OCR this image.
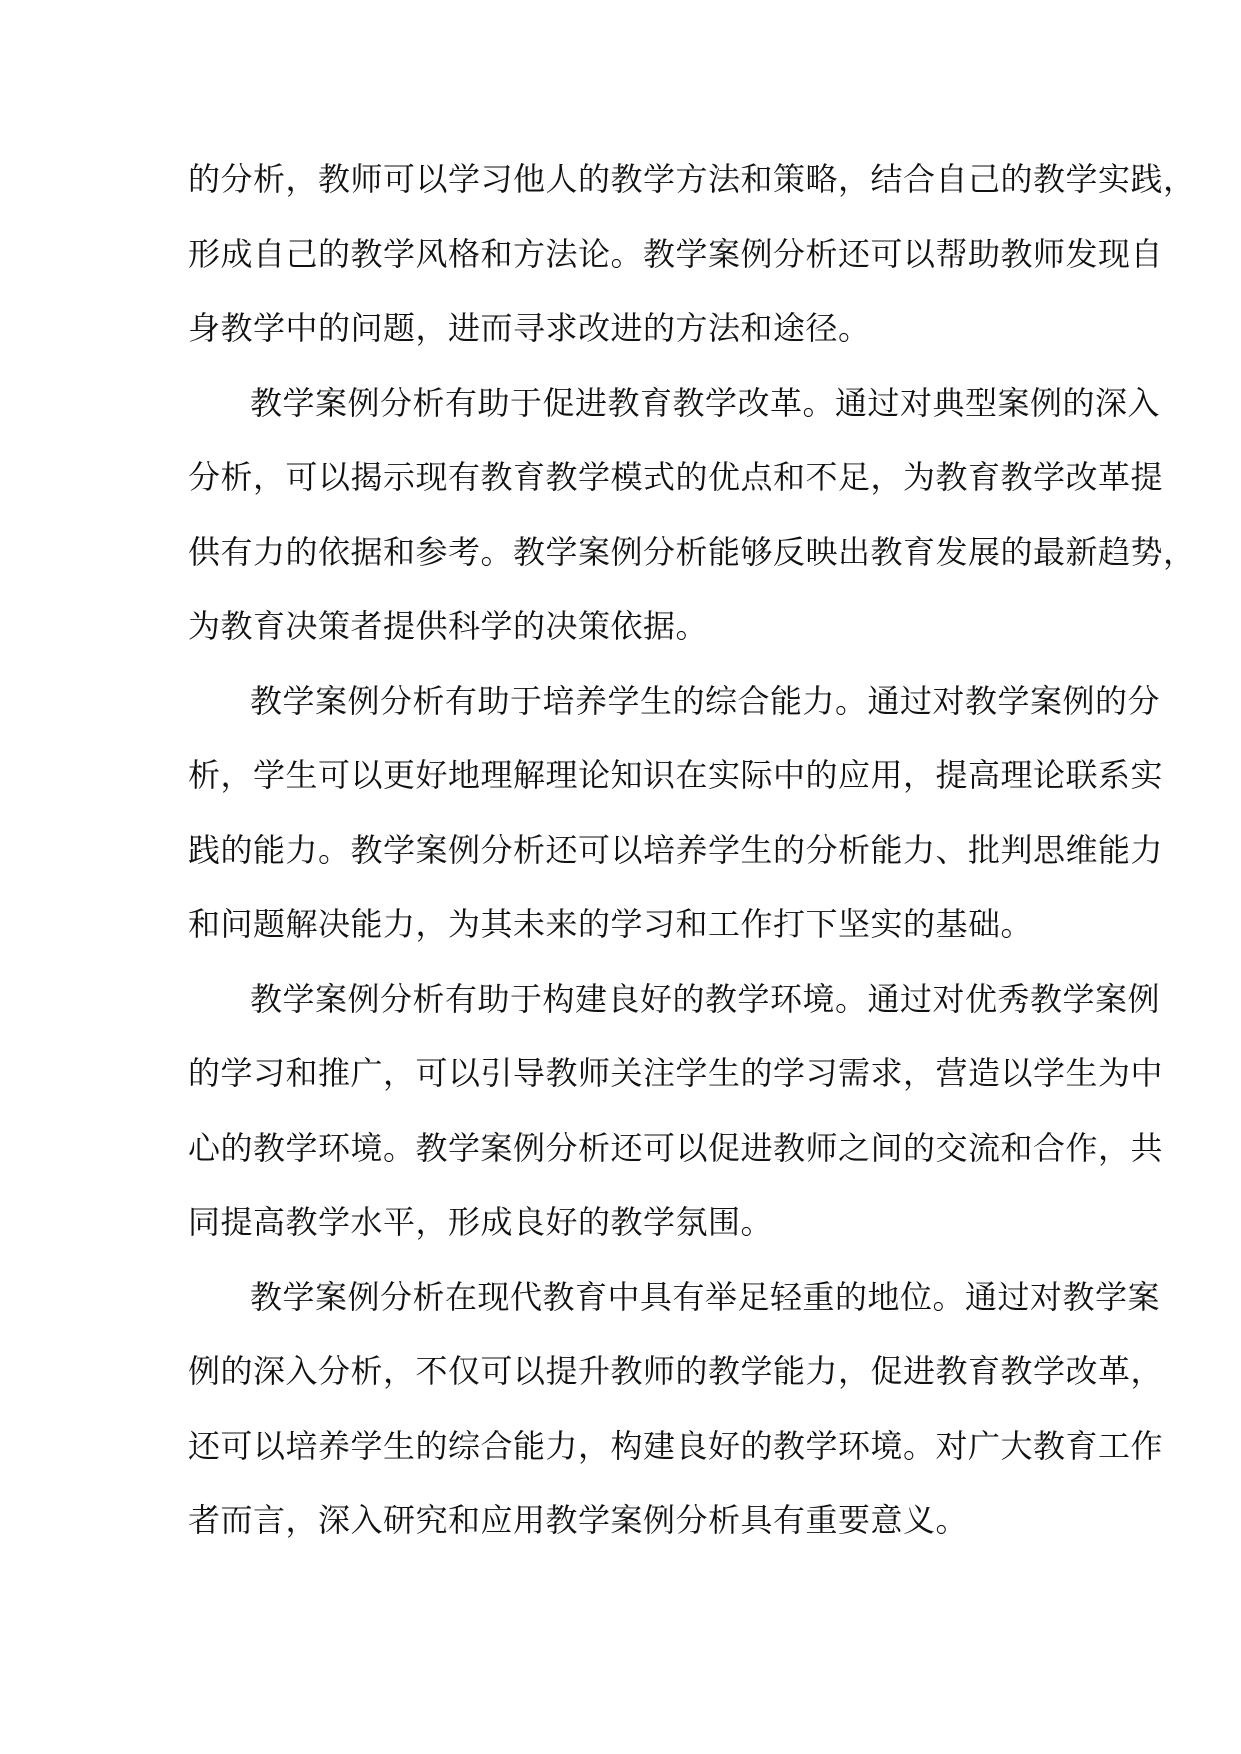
的分析，教师可以学习他人的教学方法和策略，结合自己的教学实践，
形成自己的教学风格和方法论。教学案例分析还可以帮助教师发现自
身教学中的问题，进而寻求改进的方法和途径。
教学案例分析有助于促进教育教学改革。通过对典型案例的深入
分析，可以揭示现有教育教学模式的优点和不足，为教育教学改革提
供有力的依据和参考。教学案例分析能够反映出教育发展的最新趋势，
为教育决策者提供科学的决策依据。
教学案例分析有助于培养学生的综合能力。通过对教学案例的分
析，学生可以更好地理解理论知识在实际中的应用，提高理论联系实
践的能力。教学案例分析还可以培养学生的分析能力、批判思维能力
和问题解决能力，为其未来的学习和工作打下坚实的基础。
教学案例分析有助于构建良好的教学环境。通过对优秀教学案例
的学习和推广，可以引导教师关注学生的学习需求，营造以学生为中
心的教学环境。教学案例分析还可以促进教师之间的交流和合作，共
同提高教学水平，形成良好的教学氛围。
教学案例分析在现代教育中具有举足轻重的地位。通过对教学案
例的深入分析，不仅可以提升教师的教学能力，促进教育教学改革，
还可以培养学生的综合能力，构建良好的教学环境。对广大教育工作
者而言，深入研究和应用教学案例分析具有重要意义。
